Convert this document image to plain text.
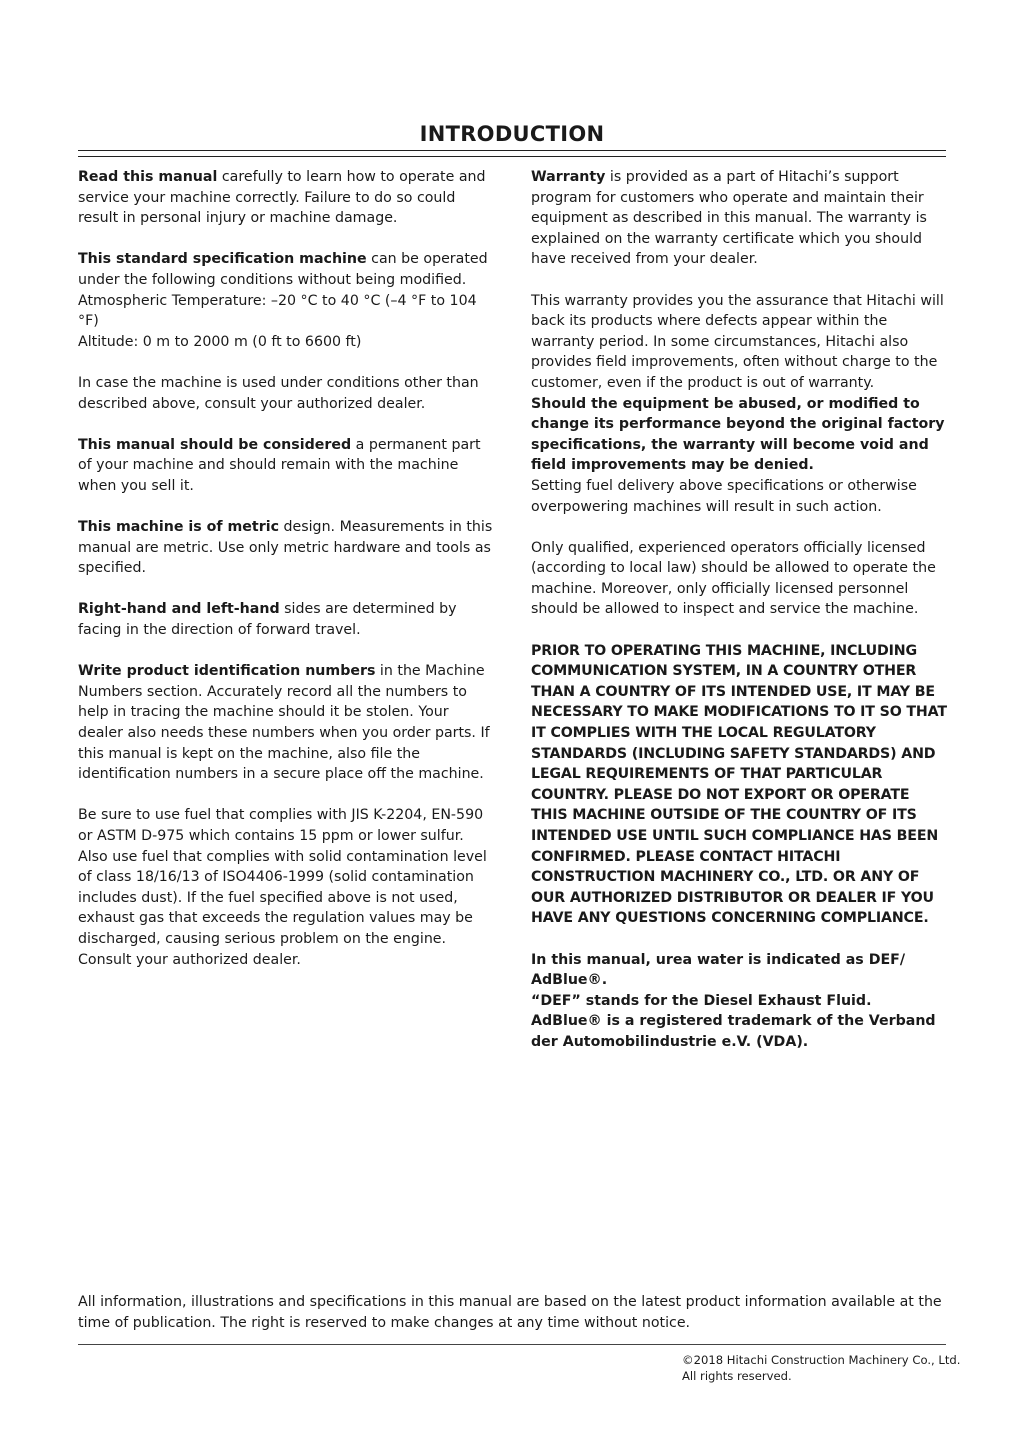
INTRODUCTION

Read this manual carefully to learn how to operate and service your machine correctly. Failure to do so could result in personal injury or machine damage.

This standard specification machine can be operated under the following conditions without being modified.

Atmospheric Temperature: –20 °C to 40 °C (–4 °F to 104 °F)

Altitude: 0 m to 2000 m (0 ft to 6600 ft)

In case the machine is used under conditions other than described above, consult your authorized dealer.

This manual should be considered a permanent part of your machine and should remain with the machine when you sell it.

This machine is of metric design. Measurements in this manual are metric. Use only metric hardware and tools as specified.

Right-hand and left-hand sides are determined by facing in the direction of forward travel.

Write product identification numbers in the Machine Numbers section. Accurately record all the numbers to help in tracing the machine should it be stolen. Your dealer also needs these numbers when you order parts. If this manual is kept on the machine, also file the identification numbers in a secure place off the machine.

Be sure to use fuel that complies with JIS K-2204, EN-590 or ASTM D-975 which contains 15 ppm or lower sulfur. Also use fuel that complies with solid contamination level of class 18/16/13 of ISO4406-1999 (solid contamination includes dust). If the fuel specified above is not used, exhaust gas that exceeds the regulation values may be discharged, causing serious problem on the engine. Consult your authorized dealer.

Warranty is provided as a part of Hitachi’s support program for customers who operate and maintain their equipment as described in this manual. The warranty is explained on the warranty certificate which you should have received from your dealer.

This warranty provides you the assurance that Hitachi will back its products where defects appear within the warranty period. In some circumstances, Hitachi also provides field improvements, often without charge to the customer, even if the product is out of warranty.

Should the equipment be abused, or modified to change its performance beyond the original factory specifications, the warranty will become void and field improvements may be denied.

Setting fuel delivery above specifications or otherwise overpowering machines will result in such action.

Only qualified, experienced operators officially licensed (according to local law) should be allowed to operate the machine. Moreover, only officially licensed personnel should be allowed to inspect and service the machine.

PRIOR TO OPERATING THIS MACHINE, INCLUDING COMMUNICATION SYSTEM, IN A COUNTRY OTHER THAN A COUNTRY OF ITS INTENDED USE, IT MAY BE NECESSARY TO MAKE MODIFICATIONS TO IT SO THAT IT COMPLIES WITH THE LOCAL REGULATORY STANDARDS (INCLUDING SAFETY STANDARDS) AND LEGAL REQUIREMENTS OF THAT PARTICULAR COUNTRY. PLEASE DO NOT EXPORT OR OPERATE THIS MACHINE OUTSIDE OF THE COUNTRY OF ITS INTENDED USE UNTIL SUCH COMPLIANCE HAS BEEN CONFIRMED. PLEASE CONTACT HITACHI CONSTRUCTION MACHINERY CO., LTD. OR ANY OF OUR AUTHORIZED DISTRIBUTOR OR DEALER IF YOU HAVE ANY QUESTIONS CONCERNING COMPLIANCE.

In this manual, urea water is indicated as DEF/ AdBlue®.

“DEF” stands for the Diesel Exhaust Fluid.

AdBlue® is a registered trademark of the Verband der Automobilindustrie e.V. (VDA).

All information, illustrations and specifications in this manual are based on the latest product information available at the time of publication. The right is reserved to make changes at any time without notice.
©2018 Hitachi Construction Machinery Co., Ltd.
All rights reserved.
